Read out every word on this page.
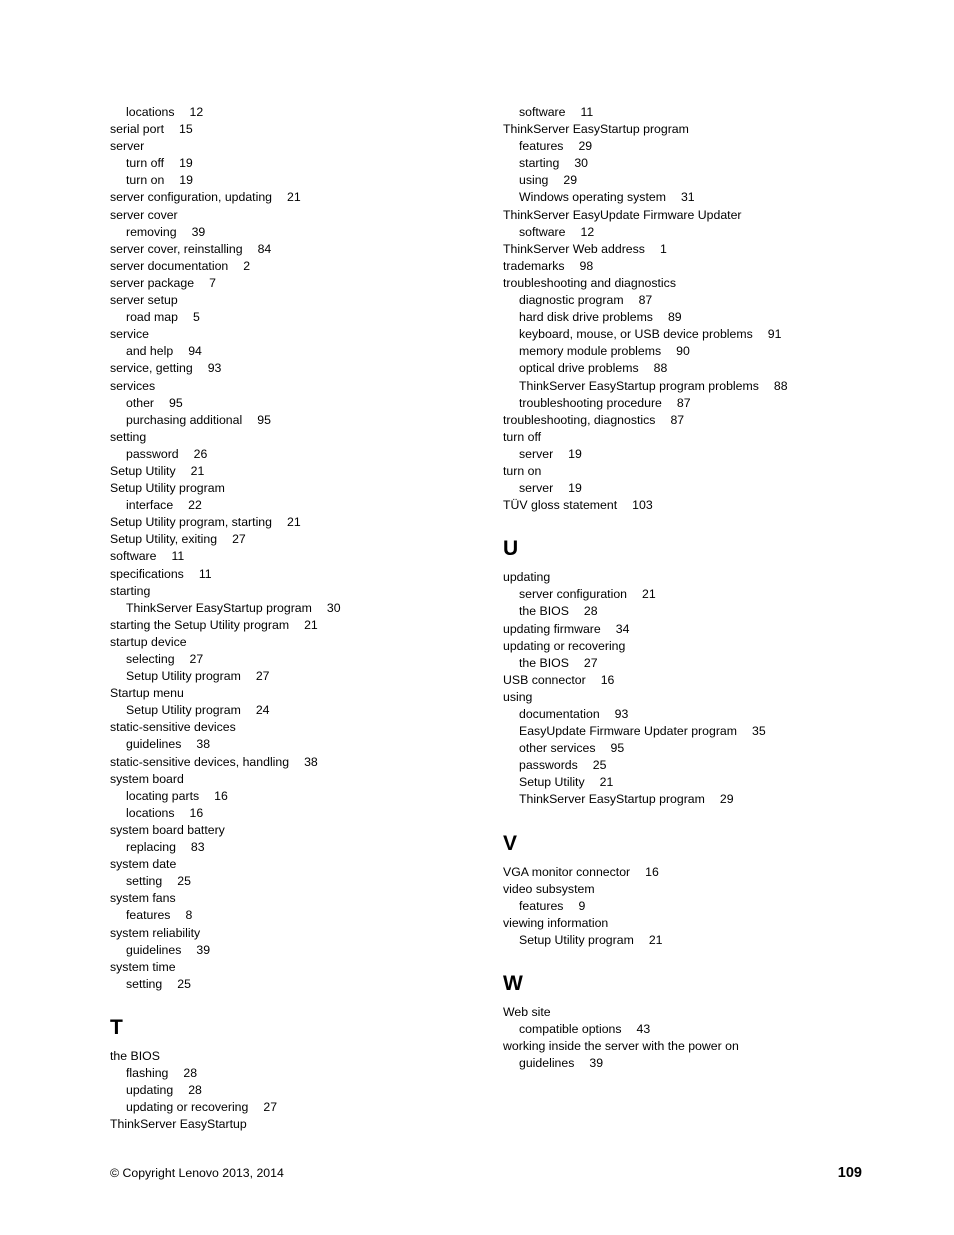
locations 12
serial port 15
server
turn off 19
turn on 19
server configuration, updating 21
server cover
removing 39
server cover, reinstalling 84
server documentation 2
server package 7
server setup
road map 5
service
and help 94
service, getting 93
services
other 95
purchasing additional 95
setting
password 26
Setup Utility 21
Setup Utility program
interface 22
Setup Utility program, starting 21
Setup Utility, exiting 27
software 11
specifications 11
starting
ThinkServer EasyStartup program 30
starting the Setup Utility program 21
startup device
selecting 27
Setup Utility program 27
Startup menu
Setup Utility program 24
static-sensitive devices
guidelines 38
static-sensitive devices, handling 38
system board
locating parts 16
locations 16
system board battery
replacing 83
system date
setting 25
system fans
features 8
system reliability
guidelines 39
system time
setting 25
T
the BIOS
flashing 28
updating 28
updating or recovering 27
ThinkServer EasyStartup
software 11
ThinkServer EasyStartup program
features 29
starting 30
using 29
Windows operating system 31
ThinkServer EasyUpdate Firmware Updater
software 12
ThinkServer Web address 1
trademarks 98
troubleshooting and diagnostics
diagnostic program 87
hard disk drive problems 89
keyboard, mouse, or USB device problems 91
memory module problems 90
optical drive problems 88
ThinkServer EasyStartup program problems 88
troubleshooting procedure 87
troubleshooting, diagnostics 87
turn off
server 19
turn on
server 19
TÜV gloss statement 103
U
updating
server configuration 21
the BIOS 28
updating firmware 34
updating or recovering
the BIOS 27
USB connector 16
using
documentation 93
EasyUpdate Firmware Updater program 35
other services 95
passwords 25
Setup Utility 21
ThinkServer EasyStartup program 29
V
VGA monitor connector 16
video subsystem
features 9
viewing information
Setup Utility program 21
W
Web site
compatible options 43
working inside the server with the power on
guidelines 39
© Copyright Lenovo 2013, 2014	109
